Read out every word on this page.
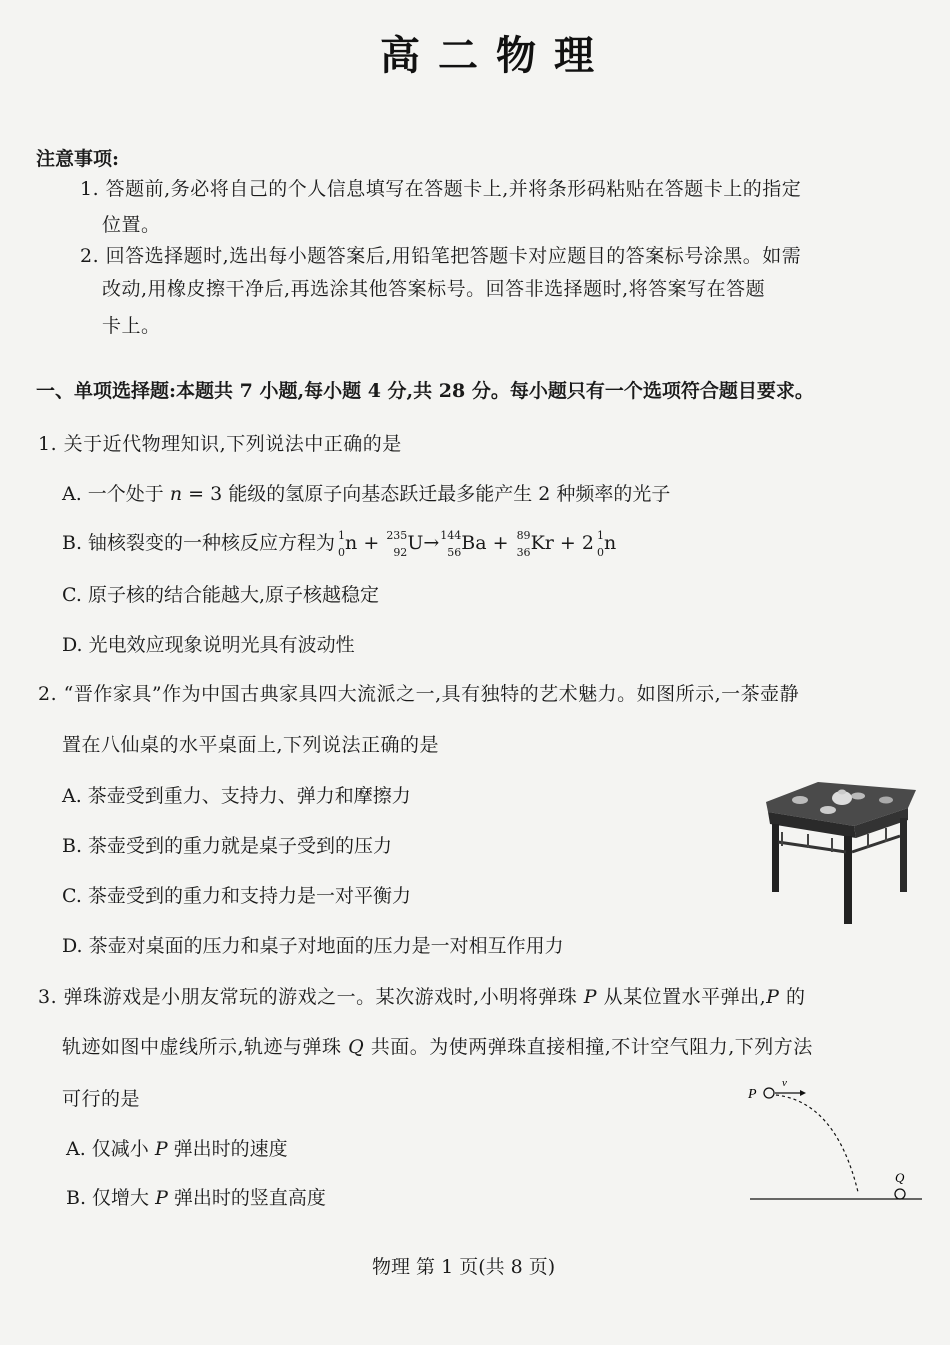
高二物理
注意事项:
1. 答题前,务必将自己的个人信息填写在答题卡上,并将条形码粘贴在答题卡上的指定
位置。
2. 回答选择题时,选出每小题答案后,用铅笔把答题卡对应题目的答案标号涂黑。如需
改动,用橡皮擦干净后,再选涂其他答案标号。回答非选择题时,将答案写在答题
卡上。
一、单项选择题:本题共 7 小题,每小题 4 分,共 28 分。每小题只有一个选项符合题目要求。
1. 关于近代物理知识,下列说法中正确的是
A. 一个处于 n = 3 能级的氢原子向基态跃迁最多能产生 2 种频率的光子
B. 铀核裂变的一种核反应方程为 1
0 n + 235
92 U→ 144
56 Ba + 89
36 Kr + 2 1
0 n
C. 原子核的结合能越大,原子核越稳定
D. 光电效应现象说明光具有波动性
2. “晋作家具”作为中国古典家具四大流派之一,具有独特的艺术魅力。如图所示,一茶壶静
置在八仙桌的水平桌面上,下列说法正确的是
A. 茶壶受到重力、支持力、弹力和摩擦力
B. 茶壶受到的重力就是桌子受到的压力
C. 茶壶受到的重力和支持力是一对平衡力
D. 茶壶对桌面的压力和桌子对地面的压力是一对相互作用力
3. 弹珠游戏是小朋友常玩的游戏之一。某次游戏时,小明将弹珠 P 从某位置水平弹出,P 的
轨迹如图中虚线所示,轨迹与弹珠 Q 共面。为使两弹珠直接相撞,不计空气阻力,下列方法
可行的是
A. 仅减小 P 弹出时的速度
B. 仅增大 P 弹出时的竖直高度
P
v
Q
物理 第 1 页(共 8 页)
